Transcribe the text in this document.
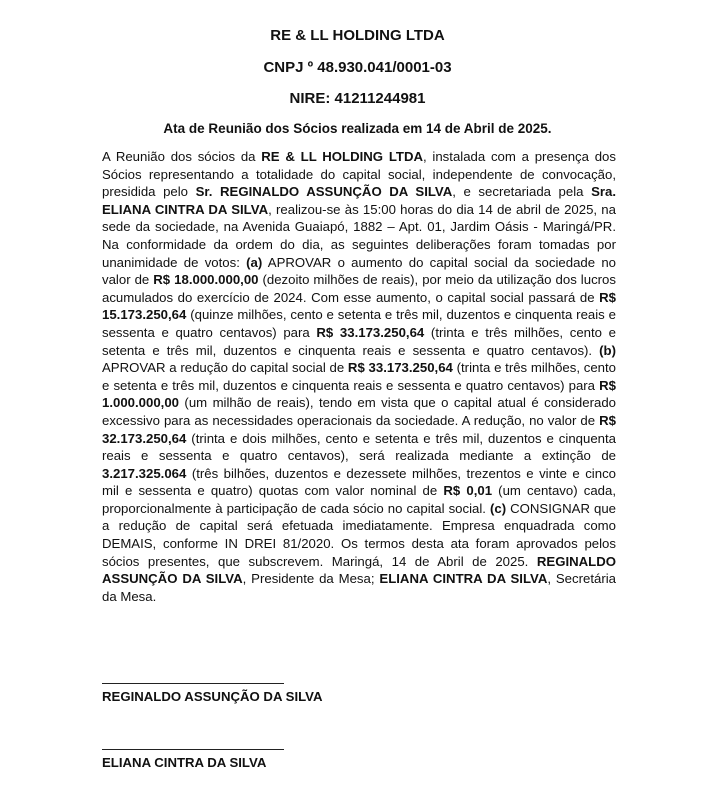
RE & LL HOLDING LTDA
CNPJ º 48.930.041/0001-03
NIRE: 41211244981
Ata de Reunião dos Sócios realizada em 14 de Abril de 2025.

A Reunião dos sócios da RE & LL HOLDING LTDA, instalada com a presença dos Sócios representando a totalidade do capital social, independente de convocação, presidida pelo Sr. REGINALDO ASSUNÇÃO DA SILVA, e secretariada pela Sra. ELIANA CINTRA DA SILVA, realizou-se às 15:00 horas do dia 14 de abril de 2025, na sede da sociedade, na Avenida Guaiapó, 1882 – Apt. 01, Jardim Oásis - Maringá/PR. Na conformidade da ordem do dia, as seguintes deliberações foram tomadas por unanimidade de votos: (a) APROVAR o aumento do capital social da sociedade no valor de R$ 18.000.000,00 (dezoito milhões de reais), por meio da utilização dos lucros acumulados do exercício de 2024. Com esse aumento, o capital social passará de R$ 15.173.250,64 (quinze milhões, cento e setenta e três mil, duzentos e cinquenta reais e sessenta e quatro centavos) para R$ 33.173.250,64 (trinta e três milhões, cento e setenta e três mil, duzentos e cinquenta reais e sessenta e quatro centavos). (b) APROVAR a redução do capital social de R$ 33.173.250,64 (trinta e três milhões, cento e setenta e três mil, duzentos e cinquenta reais e sessenta e quatro centavos) para R$ 1.000.000,00 (um milhão de reais), tendo em vista que o capital atual é considerado excessivo para as necessidades operacionais da sociedade. A redução, no valor de R$ 32.173.250,64 (trinta e dois milhões, cento e setenta e três mil, duzentos e cinquenta reais e sessenta e quatro centavos), será realizada mediante a extinção de 3.217.325.064 (três bilhões, duzentos e dezessete milhões, trezentos e vinte e cinco mil e sessenta e quatro) quotas com valor nominal de R$ 0,01 (um centavo) cada, proporcionalmente à participação de cada sócio no capital social. (c) CONSIGNAR que a redução de capital será efetuada imediatamente. Empresa enquadrada como DEMAIS, conforme IN DREI 81/2020. Os termos desta ata foram aprovados pelos sócios presentes, que subscrevem. Maringá, 14 de Abril de 2025. REGINALDO ASSUNÇÃO DA SILVA, Presidente da Mesa; ELIANA CINTRA DA SILVA, Secretária da Mesa.

REGINALDO ASSUNÇÃO DA SILVA
ELIANA CINTRA DA SILVA
